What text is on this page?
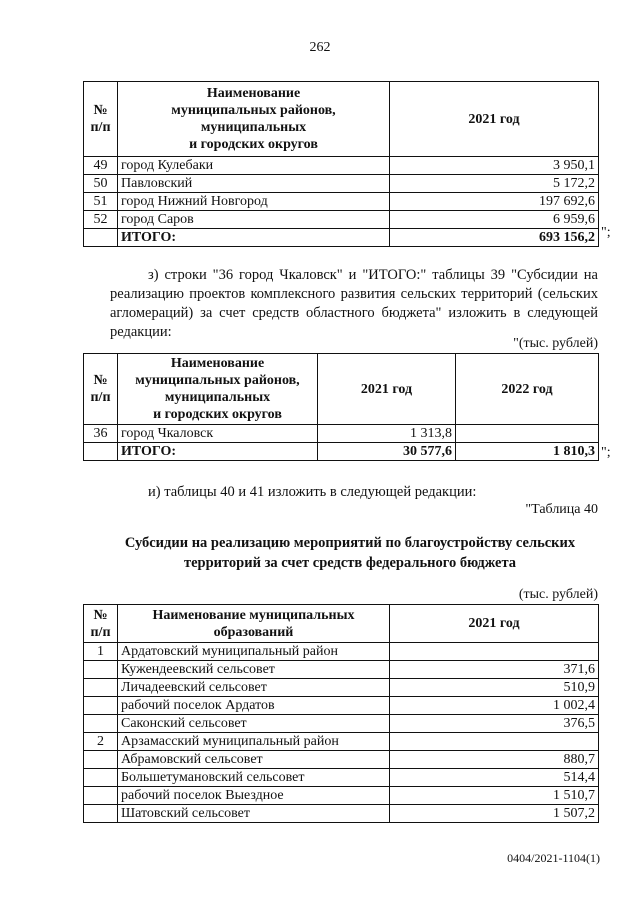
262
№
п/п	Наименование
муниципальных районов,
муниципальных
и городских округов	2021 год
49	город Кулебаки	3 950,1
50	Павловский	5 172,2
51	город Нижний Новгород	197 692,6
52	город Саров	6 959,6
	ИТОГО:	693 156,2 ";
з) строки "36 город Чкаловск" и "ИТОГО:" таблицы 39 "Субсидии на реализацию проектов комплексного развития сельских территорий (сельских агломераций) за счет средств областного бюджета" изложить в следующей редакции:
"(тыс. рублей)
№
п/п	Наименование
муниципальных районов,
муниципальных
и городских округов	2021 год	2022 год
36	город Чкаловск	1 313,8	
	ИТОГО:	30 577,6	1 810,3 ";
и) таблицы 40 и 41 изложить в следующей редакции:
"Таблица 40
Субсидии на реализацию мероприятий по благоустройству сельских территорий за счет средств федерального бюджета
(тыс. рублей)
№
п/п	Наименование муниципальных
образований	2021 год
1	Ардатовский муниципальный район	
	Кужендеевский сельсовет	371,6
	Личадеевский сельсовет	510,9
	рабочий поселок Ардатов	1 002,4
	Саконский сельсовет	376,5
2	Арзамасский муниципальный район	
	Абрамовский сельсовет	880,7
	Большетумановский сельсовет	514,4
	рабочий поселок Выездное	1 510,7
	Шатовский сельсовет	1 507,2
0404/2021-1104(1)
